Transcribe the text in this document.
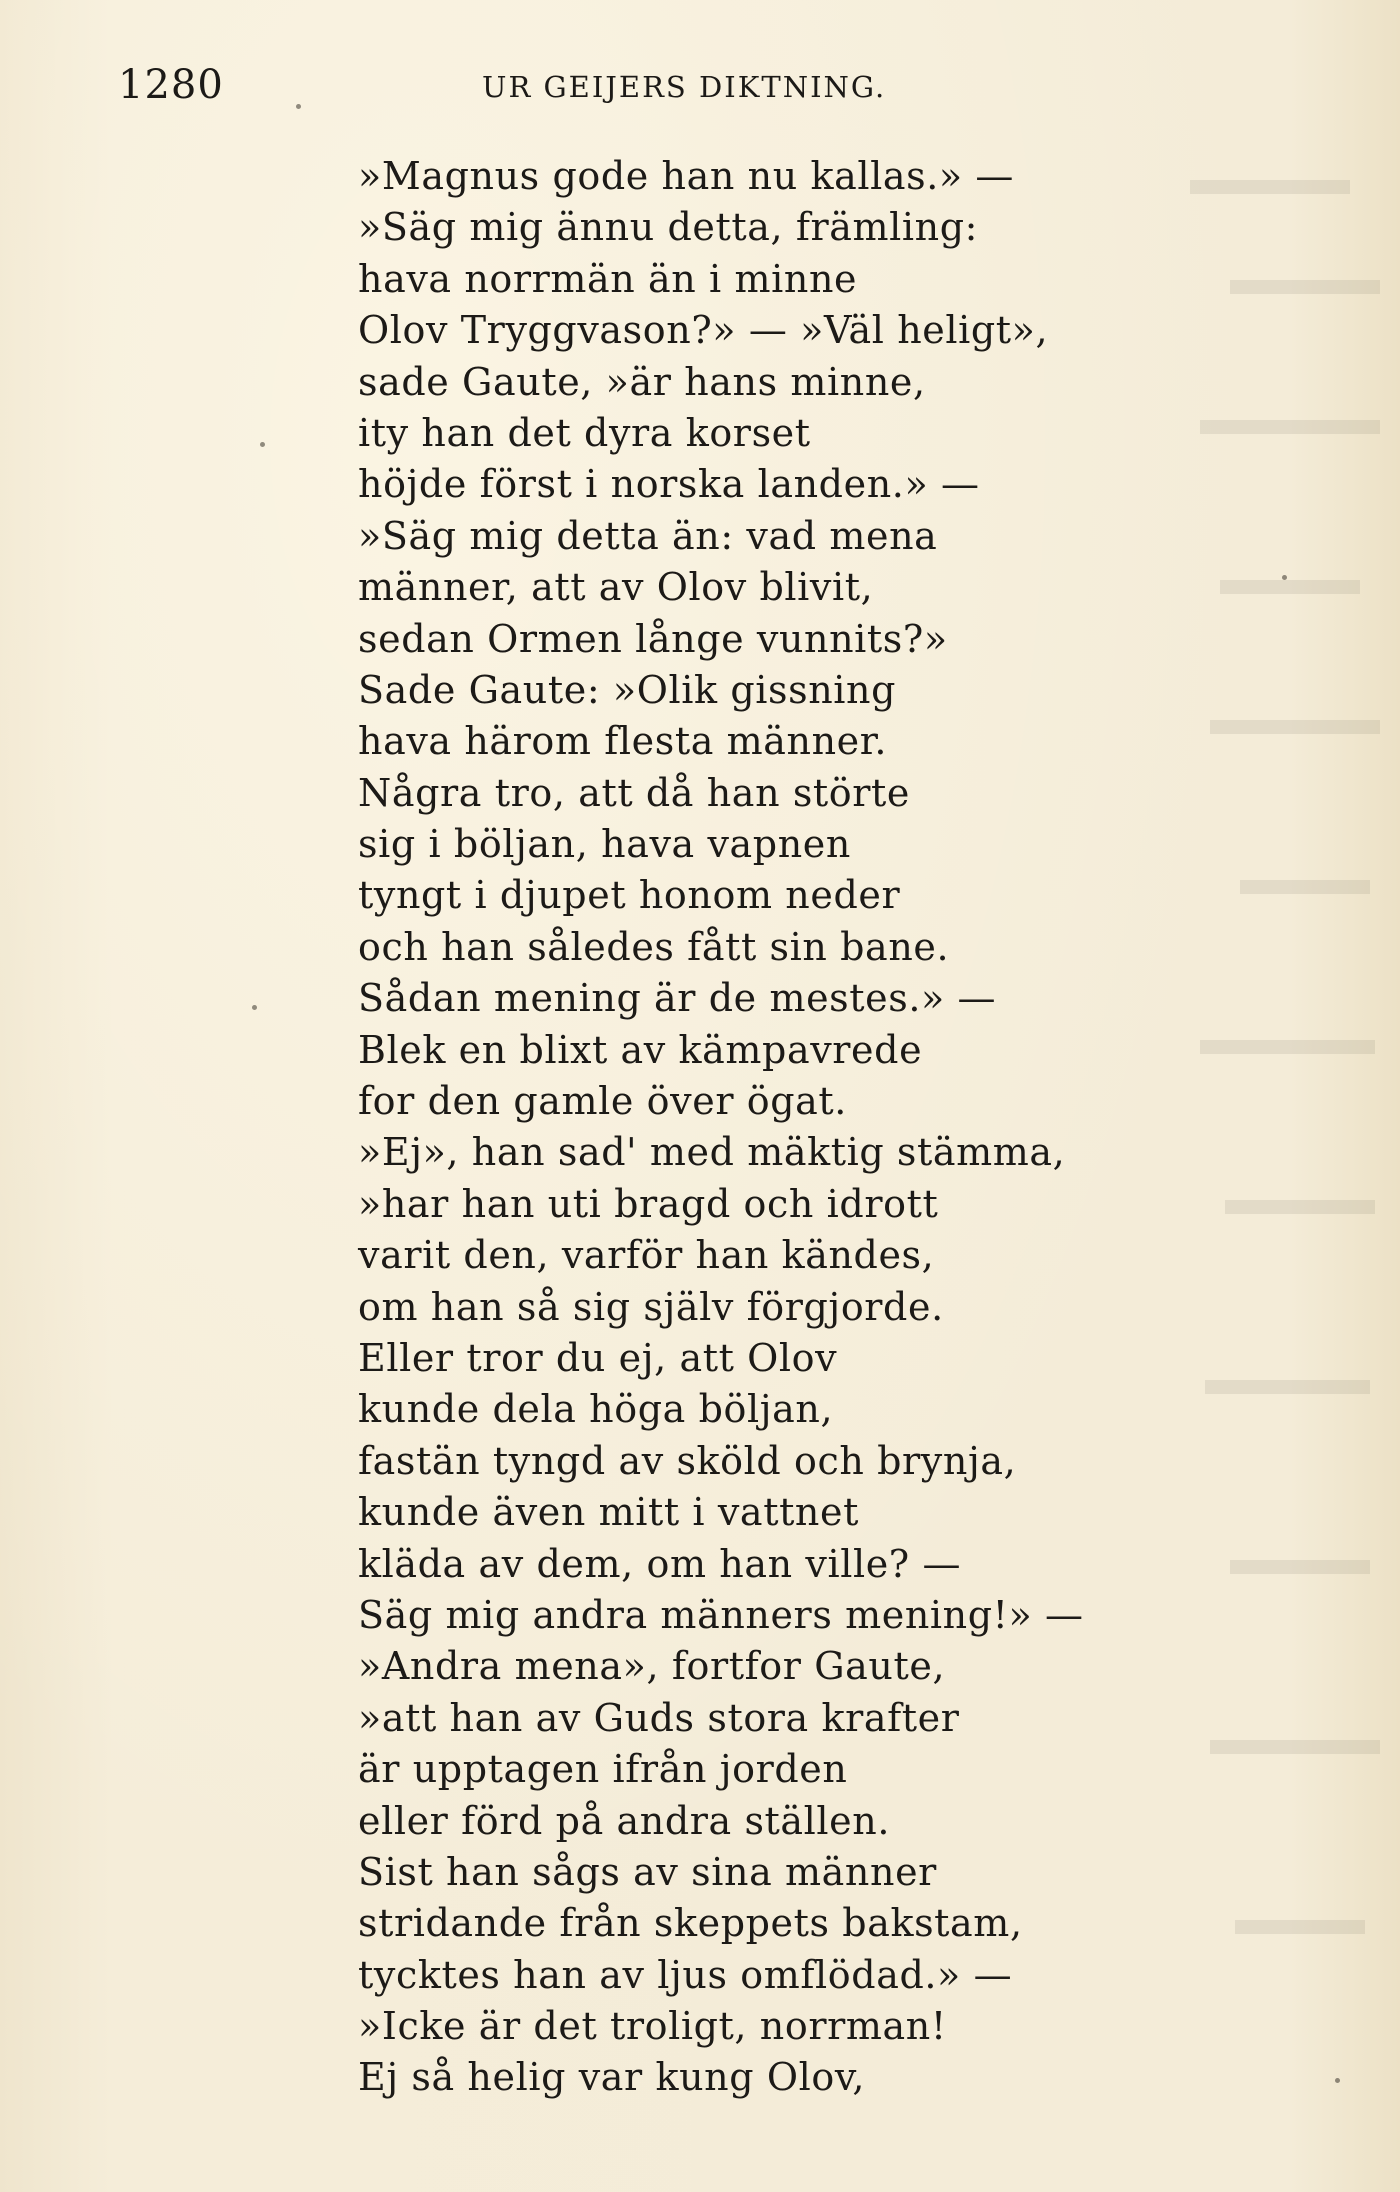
1280	UR GEIJERS DIKTNING.
»Magnus gode han nu kallas.» —
»Säg mig ännu detta, främling:
hava norrmän än i minne
Olov Tryggvason?» — »Väl heligt»,
sade Gaute, »är hans minne,
ity han det dyra korset
höjde först i norska landen.» —
»Säg mig detta än: vad mena
männer, att av Olov blivit,
sedan Ormen långe vunnits?»
Sade Gaute: »Olik gissning
hava härom flesta männer.
Några tro, att då han störte
sig i böljan, hava vapnen
tyngt i djupet honom neder
och han således fått sin bane.
Sådan mening är de mestes.» —
Blek en blixt av kämpavrede
for den gamle över ögat.
»Ej», han sad' med mäktig stämma,
»har han uti bragd och idrott
varit den, varför han kändes,
om han så sig själv förgjorde.
Eller tror du ej, att Olov
kunde dela höga böljan,
fastän tyngd av sköld och brynja,
kunde även mitt i vattnet
kläda av dem, om han ville? —
Säg mig andra männers mening!» —
»Andra mena», fortfor Gaute,
»att han av Guds stora krafter
är upptagen ifrån jorden
eller förd på andra ställen.
Sist han sågs av sina männer
stridande från skeppets bakstam,
tycktes han av ljus omflödad.» —
»Icke är det troligt, norrman!
Ej så helig var kung Olov,
